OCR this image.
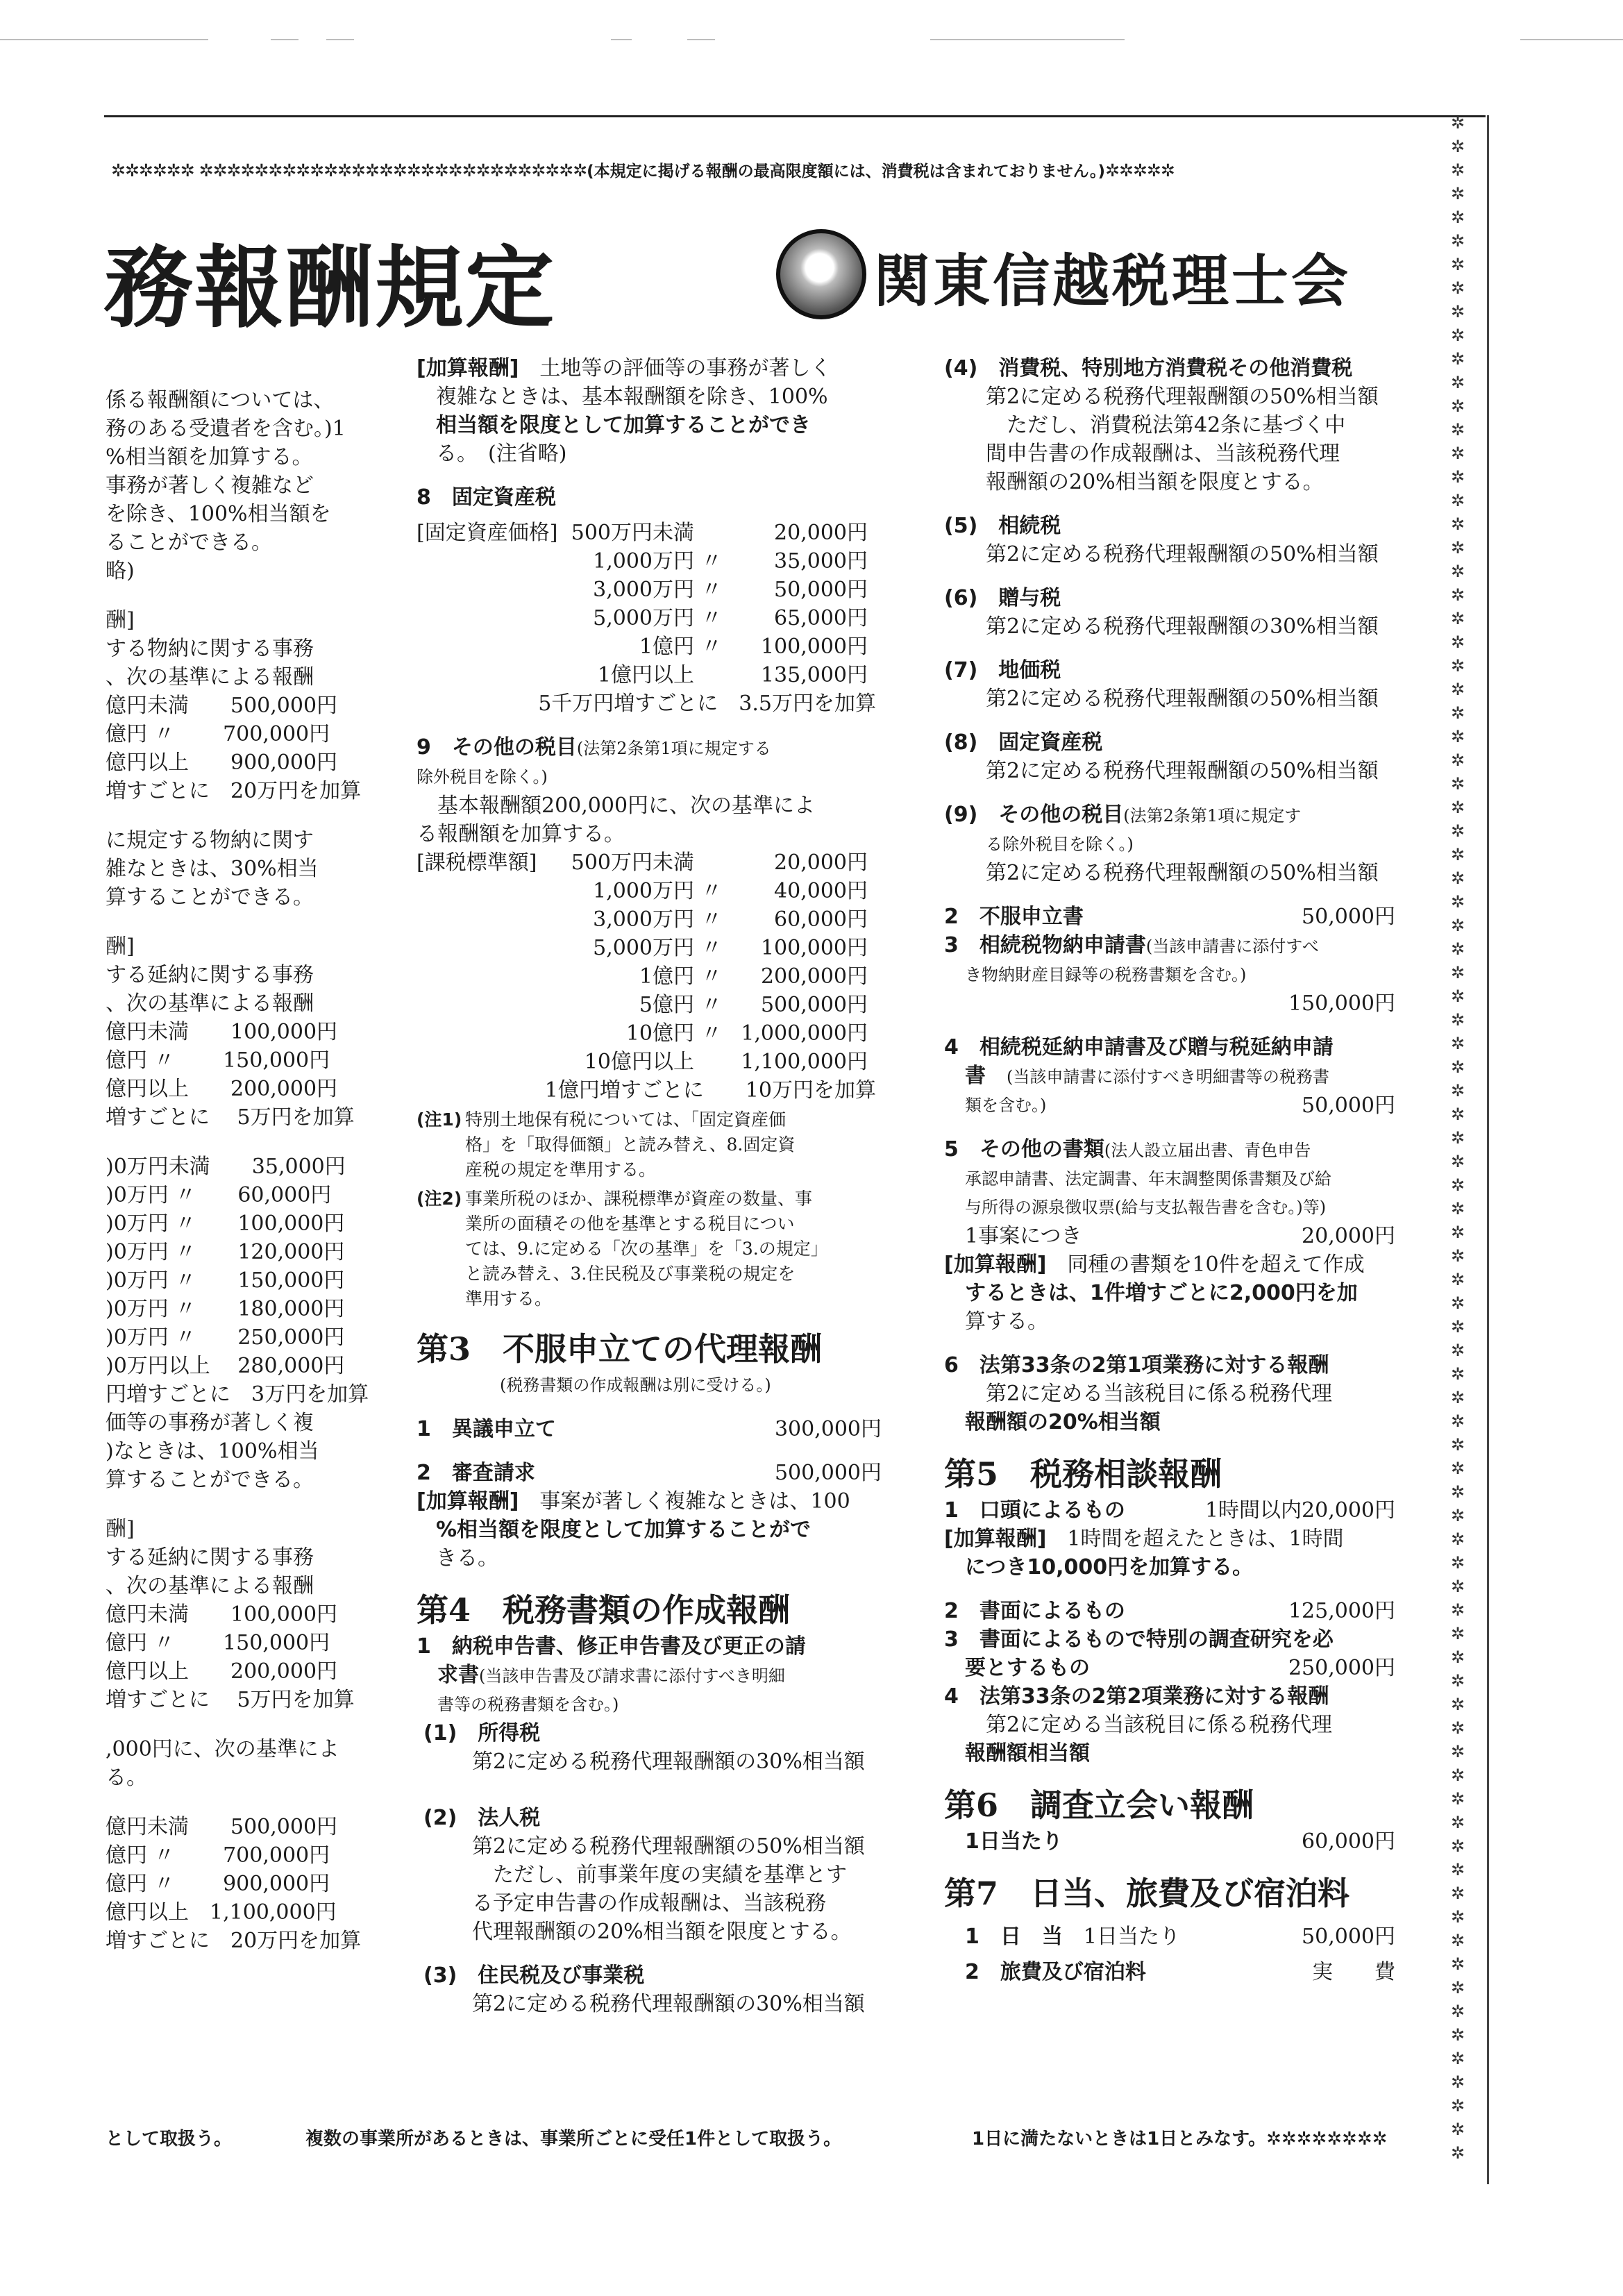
✲✲✲✲✲✲ ✲✲✲✲✲✲✲✲✲✲✲✲✲✲✲✲✲✲✲✲✲✲✲✲✲✲✲✲(本規定に掲げる報酬の最高限度額には、消費税は含まれておりません。)✲✲✲✲✲
✲✲✲✲✲✲✲✲✲✲✲✲✲✲✲✲✲✲✲✲✲✲✲✲✲✲✲✲✲✲✲✲✲✲✲✲✲✲✲✲✲✲✲✲✲✲✲✲✲✲✲✲✲✲✲✲✲✲✲✲✲✲✲✲✲✲✲✲✲✲✲✲✲✲✲✲✲✲✲✲✲✲✲✲✲✲✲
務報酬規定	関東信越税理士会
係る報酬額については、
務のある受遺者を含む。)1
%相当額を加算する。
事務が著しく複雑など
を除き、100%相当額を
ることができる。
略)
酬]
する物納に関する事務
、次の基準による報酬
億円未満　　500,000円
億円 〃　　 700,000円
億円以上　　900,000円
増すごとに　20万円を加算
に規定する物納に関す
雑なときは、30%相当
算することができる。
酬]
する延納に関する事務
、次の基準による報酬
億円未満　　100,000円
億円 〃　　 150,000円
億円以上　　200,000円
増すごとに　 5万円を加算
)0万円未満　　35,000円
)0万円 〃　　60,000円
)0万円 〃　　100,000円
)0万円 〃　　120,000円
)0万円 〃　　150,000円
)0万円 〃　　180,000円
)0万円 〃　　250,000円
)0万円以上　 280,000円
円増すごとに　3万円を加算
価等の事務が著しく複
)なときは、100%相当
算することができる。
酬]
する延納に関する事務
、次の基準による報酬
億円未満　　100,000円
億円 〃　　 150,000円
億円以上　　200,000円
増すごとに　 5万円を加算
,000円に、次の基準によ
る。
億円未満　　500,000円
億円 〃　　 700,000円
億円 〃　　 900,000円
億円以上　1,100,000円
増すごとに　20万円を加算
[加算報酬]　 土地等の評価等の事務が著しく
複雑なときは、基本報酬額を除き、100%
相当額を限度として加算することができ
る。　(注省略)
8　固定資産税
[固定資産価格] 500万円未満	20,000円
1,000万円 〃	35,000円
3,000万円 〃	50,000円
5,000万円 〃	65,000円
1億円 〃	100,000円
1億円以上	135,000円
5千万円増すごとに　3.5万円を加算
9　その他の税目(法第2条第1項に規定する
除外税目を除く。)
基本報酬額200,000円に、次の基準によ
る報酬額を加算する。
[課税標準額]	500万円未満	20,000円
1,000万円 〃	40,000円
3,000万円 〃	60,000円
5,000万円 〃	100,000円
1億円 〃	200,000円
5億円 〃	500,000円
10億円 〃 1,000,000円
10億円以上	1,100,000円
1億円増すごとに　　10万円を加算
(注1) 特別土地保有税については、「固定資産価
格」を「取得価額」と読み替え、8.固定資
産税の規定を準用する。
(注2) 事業所税のほか、課税標準が資産の数量、事
業所の面積その他を基準とする税目につい
ては、9.に定める「次の基準」を「3.の規定」
と読み替え、3.住民税及び事業税の規定を
準用する。
第3　不服申立ての代理報酬
(税務書類の作成報酬は別に受ける。)
1　異議申立て	300,000円
2　審査請求	500,000円
[加算報酬]　 事案が著しく複雑なときは、100
%相当額を限度として加算することがで
きる。
第4　税務書類の作成報酬
1　納税申告書、修正申告書及び更正の請
求書(当該申告書及び請求書に添付すべき明細
書等の税務書類を含む。)
(1)　所得税
第2に定める税務代理報酬額の30%相当額
(2)　法人税
第2に定める税務代理報酬額の50%相当額
ただし、前事業年度の実績を基準とす
る予定申告書の作成報酬は、当該税務
代理報酬額の20%相当額を限度とする。
(3)　住民税及び事業税
第2に定める税務代理報酬額の30%相当額
(4)　消費税、特別地方消費税その他消費税
第2に定める税務代理報酬額の50%相当額
ただし、消費税法第42条に基づく中
間申告書の作成報酬は、当該税務代理
報酬額の20%相当額を限度とする。
(5)　相続税
第2に定める税務代理報酬額の50%相当額
(6)　贈与税
第2に定める税務代理報酬額の30%相当額
(7)　地価税
第2に定める税務代理報酬額の50%相当額
(8)　固定資産税
第2に定める税務代理報酬額の50%相当額
(9)　その他の税目(法第2条第1項に規定す
る除外税目を除く。)
第2に定める税務代理報酬額の50%相当額
2　不服申立書	50,000円
3　相続税物納申請書(当該申請書に添付すべ
き物納財産目録等の税務書類を含む。)
150,000円
4　相続税延納申請書及び贈与税延納申請
書　 (当該申請書に添付すべき明細書等の税務書
類を含む。)	50,000円
5　その他の書類(法人設立届出書、青色申告
承認申請書、法定調書、年末調整関係書類及び給
与所得の源泉徴収票(給与支払報告書を含む。)等)
1事案につき	20,000円
[加算報酬]　 同種の書類を10件を超えて作成
するときは、1件増すごとに2,000円を加
算する。
6　法第33条の2第1項業務に対する報酬
第2に定める当該税目に係る税務代理
報酬額の20%相当額
第5　税務相談報酬
1　口頭によるもの	1時間以内20,000円
[加算報酬]　 1時間を超えたときは、1時間
につき10,000円を加算する。
2　書面によるもの	125,000円
3　書面によるもので特別の調査研究を必
要とするもの	250,000円
4　法第33条の2第2項業務に対する報酬
第2に定める当該税目に係る税務代理
報酬額相当額
第6　調査立会い報酬
1日当たり	60,000円
第7　日当、旅費及び宿泊料
1　日　当　 1日当たり	50,000円
2　旅費及び宿泊料	実　　費
として取扱う。	複数の事業所があるときは、事業所ごとに受任1件として取扱う。	1日に満たないときは1日とみなす。✲✲✲✲✲✲✲✲
